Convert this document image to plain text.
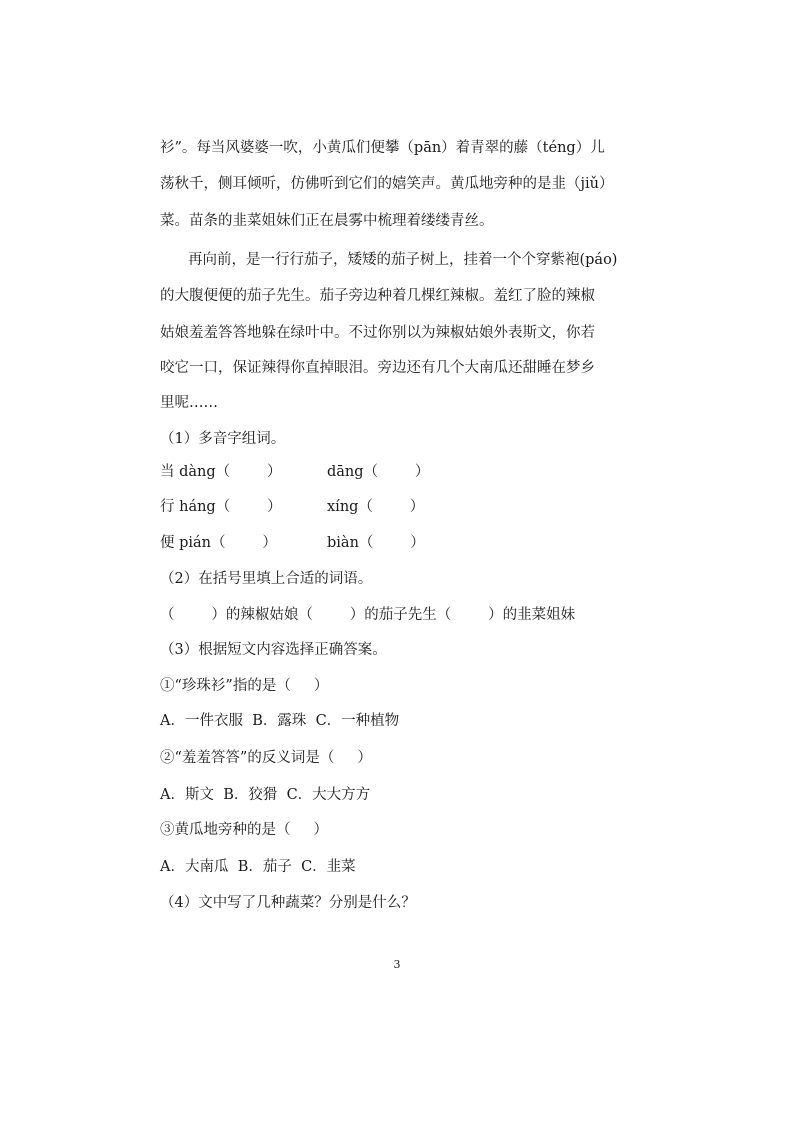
衫”。每当风婆婆一吹，小黄瓜们便攀（pān）着青翠的藤（téng）儿
荡秋千，侧耳倾听，仿佛听到它们的嬉笑声。黄瓜地旁种的是韭（jiǔ）
菜。苗条的韭菜姐妹们正在晨雾中梳理着缕缕青丝。
再向前，是一行行茄子，矮矮的茄子树上，挂着一个个穿紫袍(páo)
的大腹便便的茄子先生。茄子旁边种着几棵红辣椒。羞红了脸的辣椒
姑娘羞羞答答地躲在绿叶中。不过你别以为辣椒姑娘外表斯文，你若
咬它一口，保证辣得你直掉眼泪。旁边还有几个大南瓜还甜睡在梦乡
里呢……
（1）多音字组词。
当 dàng（        ）	dāng（        ）
行 háng（        ）	xíng（        ）
便 pián（        ）	biàn（        ）
（2）在括号里填上合适的词语。
（        ）的辣椒姑娘（        ）的茄子先生（        ）的韭菜姐妹
（3）根据短文内容选择正确答案。
①“珍珠衫”指的是（     ）
A．一件衣服  B．露珠  C．一种植物
②“羞羞答答”的反义词是（     ）
A．斯文  B．狡猾  C．大大方方
③黄瓜地旁种的是（     ）
A．大南瓜  B．茄子  C．韭菜
（4）文中写了几种蔬菜？分别是什么？
3
